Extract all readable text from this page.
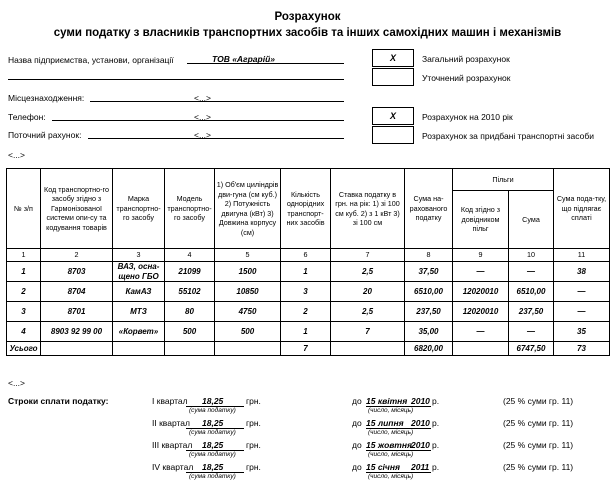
Розрахунок
суми податку з власників транспортних засобів та інших самохідних машин і механізмів
Назва підприємства, установи, організації	ТОВ «Аграрій»
Місцезнаходження:	<...>
Телефон:	<...>
Поточний рахунок:	<...>
<...>
X	Загальний розрахунок
Уточнений розрахунок
X	Розрахунок на 2010 рік
Розрахунок за придбані транспортні засоби
№ з/п	Код транспортно-го засобу згідно з Гармонізованої системи опи-су та кодування товарів	Марка транспортно-го засобу	Модель транспортно-го засобу	1) Об'єм циліндрів дви-гуна (см куб.) 2) Потужність двигуна (кВт) 3) Довжина корпусу (см)	Кількість однорідних транспорт-них засобів	Ставка податку в грн. на рік: 1) зі 100 см куб. 2) з 1 кВт 3) зі 100 см	Сума на-рахованого податку	Пільги		Сума пода-тку, що підлягає сплаті
								Код згідно з довідником пільг	Сума	
1	2	3	4	5	6	7	8	9	10	11
1	8703	ВАЗ, осна-щено ГБО	21099	1500	1	2,5	37,50	—	—	38
2	8704	КамАЗ	55102	10850	3	20	6510,00	12020010	6510,00	—
3	8701	МТЗ	80	4750	2	2,5	237,50	12020010	237,50	—
4	8903 92 99 00	«Корвет»	500	500	1	7	35,00	—	—	35
Усього					7		6820,00		6747,50	73
<...>
Строки сплати податку:	І квартал	18,25	грн.
(сума податку)
до 15 квітня 2010 р.
(число, місяць)
(25 % суми гр. 11)
ІІ квартал	18,25	грн.
(сума податку)
до 15 липня 2010 р.
(число, місяць)
(25 % суми гр. 11)
ІІІ квартал	18,25	грн.
(сума податку)
до 15 жовтня 2010 р.
(число, місяць)
(25 % суми гр. 11)
ІV квартал	18,25	грн.
(сума податку)
до 15 січня	2011 р.
(число, місяць)
(25 % суми гр. 11)
